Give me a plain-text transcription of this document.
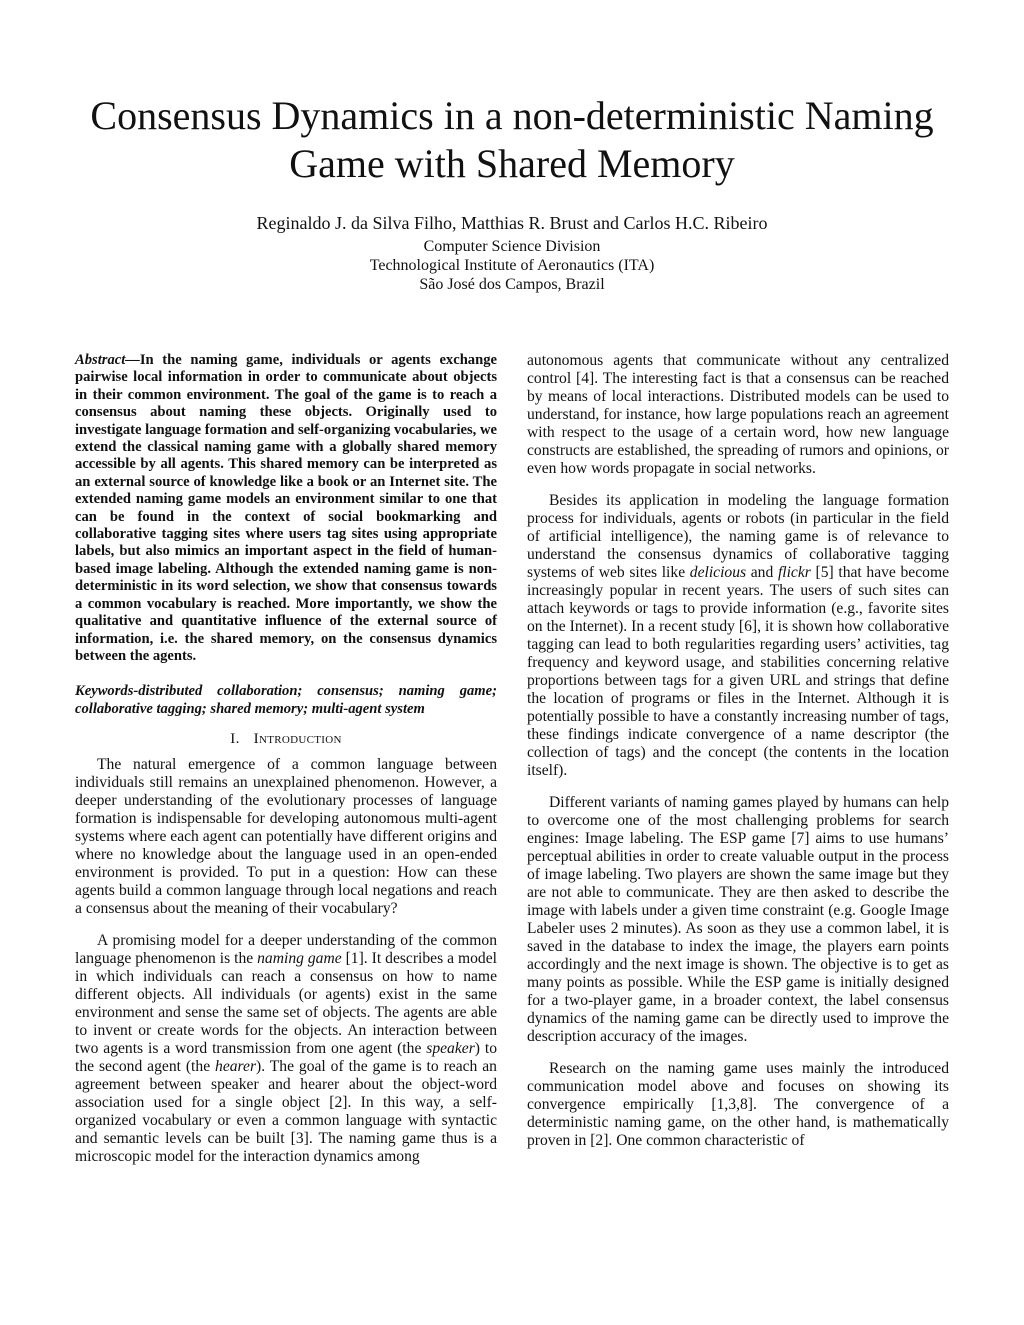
Consensus Dynamics in a non-deterministic Naming
Game with Shared Memory
Reginaldo J. da Silva Filho, Matthias R. Brust and Carlos H.C. Ribeiro
Computer Science Division
Technological Institute of Aeronautics (ITA)
São José dos Campos, Brazil

Abstract—In the naming game, individuals or agents exchange pairwise local information in order to communicate about objects in their common environment. The goal of the game is to reach a consensus about naming these objects. Originally used to investigate language formation and self-organizing vocabularies, we extend the classical naming game with a globally shared memory accessible by all agents. This shared memory can be interpreted as an external source of knowledge like a book or an Internet site. The extended naming game models an environment similar to one that can be found in the context of social bookmarking and collaborative tagging sites where users tag sites using appropriate labels, but also mimics an important aspect in the field of human-based image labeling. Although the extended naming game is non-deterministic in its word selection, we show that consensus towards a common vocabulary is reached. More importantly, we show the qualitative and quantitative influence of the external source of information, i.e. the shared memory, on the consensus dynamics between the agents.

Keywords-distributed collaboration; consensus; naming game; collaborative tagging; shared memory; multi-agent system

I. Introduction

The natural emergence of a common language between individuals still remains an unexplained phenomenon. However, a deeper understanding of the evolutionary processes of language formation is indispensable for developing autonomous multi-agent systems where each agent can potentially have different origins and where no knowledge about the language used in an open-ended environment is provided. To put in a question: How can these agents build a common language through local negations and reach a consensus about the meaning of their vocabulary?

A promising model for a deeper understanding of the common language phenomenon is the naming game [1]. It describes a model in which individuals can reach a consensus on how to name different objects. All individuals (or agents) exist in the same environment and sense the same set of objects. The agents are able to invent or create words for the objects. An interaction between two agents is a word transmission from one agent (the speaker) to the second agent (the hearer). The goal of the game is to reach an agreement between speaker and hearer about the object-word association used for a single object [2]. In this way, a self-organized vocabulary or even a common language with syntactic and semantic levels can be built [3]. The naming game thus is a microscopic model for the interaction dynamics among

autonomous agents that communicate without any centralized control [4]. The interesting fact is that a consensus can be reached by means of local interactions. Distributed models can be used to understand, for instance, how large populations reach an agreement with respect to the usage of a certain word, how new language constructs are established, the spreading of rumors and opinions, or even how words propagate in social networks.

Besides its application in modeling the language formation process for individuals, agents or robots (in particular in the field of artificial intelligence), the naming game is of relevance to understand the consensus dynamics of collaborative tagging systems of web sites like delicious and flickr [5] that have become increasingly popular in recent years. The users of such sites can attach keywords or tags to provide information (e.g., favorite sites on the Internet). In a recent study [6], it is shown how collaborative tagging can lead to both regularities regarding users’ activities, tag frequency and keyword usage, and stabilities concerning relative proportions between tags for a given URL and strings that define the location of programs or files in the Internet. Although it is potentially possible to have a constantly increasing number of tags, these findings indicate convergence of a name descriptor (the collection of tags) and the concept (the contents in the location itself).

Different variants of naming games played by humans can help to overcome one of the most challenging problems for search engines: Image labeling. The ESP game [7] aims to use humans’ perceptual abilities in order to create valuable output in the process of image labeling. Two players are shown the same image but they are not able to communicate. They are then asked to describe the image with labels under a given time constraint (e.g. Google Image Labeler uses 2 minutes). As soon as they use a common label, it is saved in the database to index the image, the players earn points accordingly and the next image is shown. The objective is to get as many points as possible. While the ESP game is initially designed for a two-player game, in a broader context, the label consensus dynamics of the naming game can be directly used to improve the description accuracy of the images.

Research on the naming game uses mainly the introduced communication model above and focuses on showing its convergence empirically [1,3,8]. The convergence of a deterministic naming game, on the other hand, is mathematically proven in [2]. One common characteristic of
